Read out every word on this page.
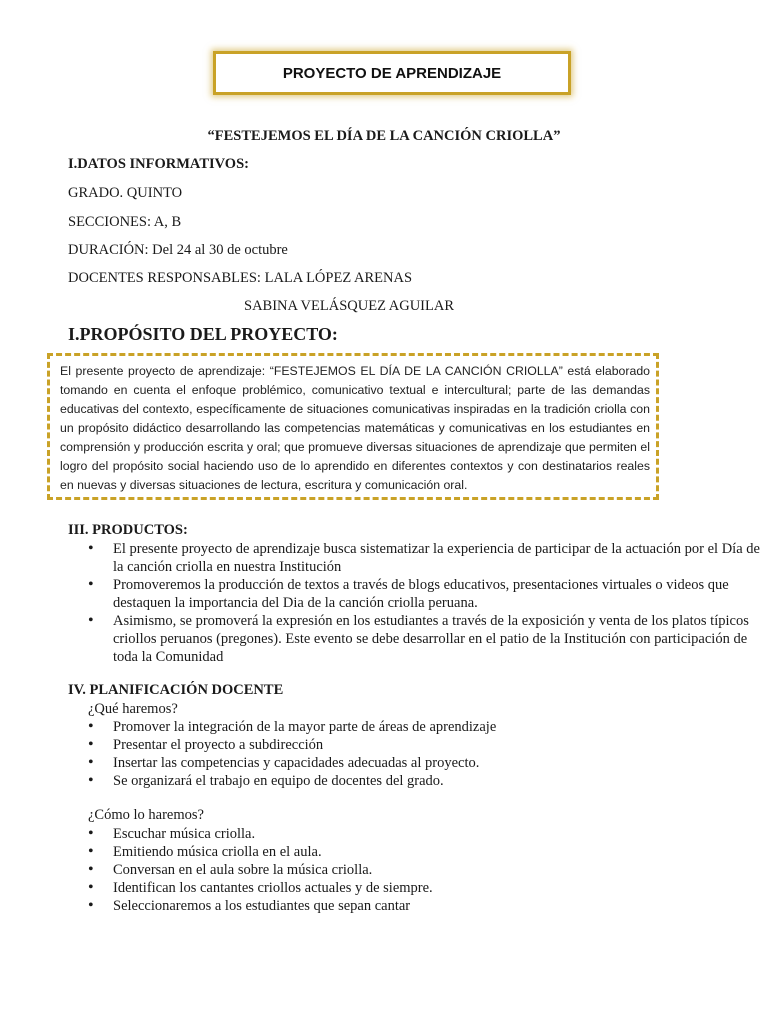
PROYECTO DE APRENDIZAJE
“FESTEJEMOS EL DÍA DE LA CANCIÓN CRIOLLA”
I.DATOS INFORMATIVOS:
GRADO. QUINTO
SECCIONES: A, B
DURACIÓN: Del 24 al 30 de octubre
DOCENTES RESPONSABLES: LALA LÓPEZ ARENAS
SABINA VELÁSQUEZ AGUILAR
I.PROPÓSITO DEL PROYECTO:

El presente proyecto de aprendizaje: “FESTEJEMOS EL DÍA DE LA CANCIÓN CRIOLLA” está elaborado tomando en cuenta el enfoque problémico, comunicativo textual e intercultural; parte de las demandas educativas del contexto, específicamente de situaciones comunicativas inspiradas en la tradición criolla con un propósito didáctico desarrollando las competencias matemáticas y comunicativas en los estudiantes en comprensión y producción escrita y oral; que promueve diversas situaciones de aprendizaje que permiten el logro del propósito social haciendo uso de lo aprendido en diferentes contextos y con destinatarios reales en nuevas y diversas situaciones de lectura, escritura y comunicación oral.

III. PRODUCTOS:
• El presente proyecto de aprendizaje busca sistematizar la experiencia de participar de la actuación por el Día de la canción criolla en nuestra Institución
• Promoveremos la producción de textos a través de blogs educativos, presentaciones virtuales o videos que destaquen la importancia del Dia de la canción criolla peruana.
• Asimismo, se promoverá la expresión en los estudiantes a través de la exposición y venta de los platos típicos criollos peruanos (pregones). Este evento se debe desarrollar en el patio de la Institución con participación de toda la Comunidad
IV. PLANIFICACIÓN DOCENTE
¿Qué haremos?
• Promover la integración de la mayor parte de áreas de aprendizaje
• Presentar el proyecto a subdirección
• Insertar las competencias y capacidades adecuadas al proyecto.
• Se organizará el trabajo en equipo de docentes del grado.
¿Cómo lo haremos?
• Escuchar música criolla.
• Emitiendo música criolla en el aula.
• Conversan en el aula sobre la música criolla.
• Identifican los cantantes criollos actuales y de siempre.
• Seleccionaremos a los estudiantes que sepan cantar
